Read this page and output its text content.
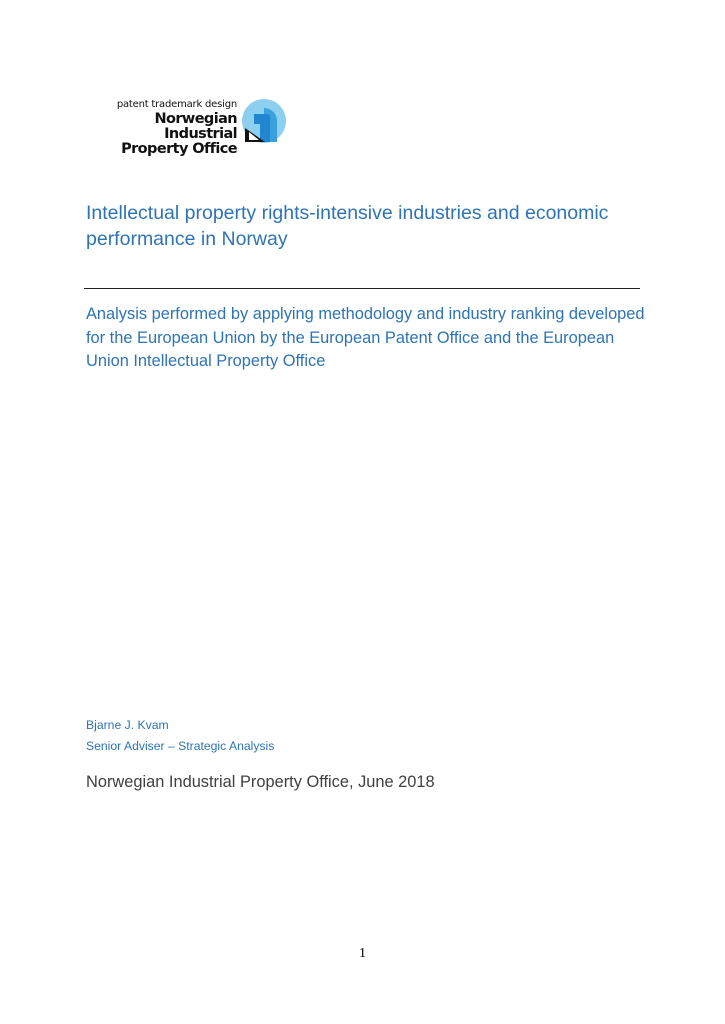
patent trademark design
Norwegian Industrial
Property Office
Intellectual property rights-intensive industries and economic performance in Norway

Analysis performed by applying methodology and industry ranking developed for the European Union by the European Patent Office and the European Union Intellectual Property Office

Bjarne J. Kvam
Senior Adviser – Strategic Analysis
Norwegian Industrial Property Office, June 2018
1
